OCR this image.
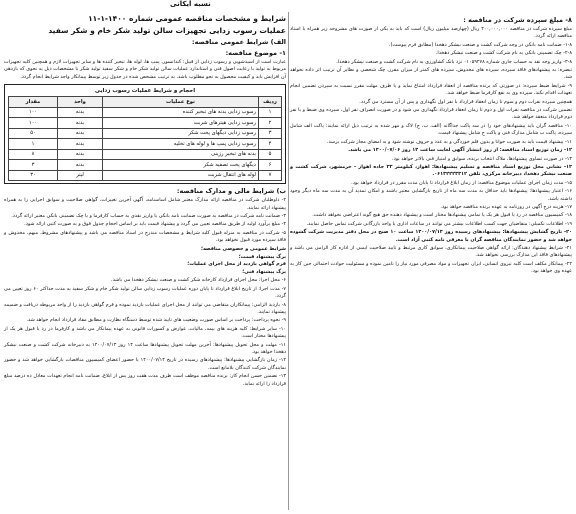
نسبه ایکانی
شرایط و مشخصات مناقصه عمومی شماره ۱۴۰۰-۱-۱۱
عملیات رسوب زدایی تجهیزات سالن تولید شکر خام و شکر سفید
الف) شرایط عمومی مناقصه:
۱- موضوع مناقصه:

عبارت است از اسیدشویی و رسوب زدایی از قبیل: کندانسور، پمپ ها، لوله ها، تبخیر کننده ها و سایر تجهیزات لازم و همچنین کلیه تجهیزات مربوط به تولید با رعایت اصول فنی و استاندارد عملیات سالن تولید شکر خام و شکر سفید تولید شکر با مشخصات ذیل به نحوی که بازدهی آن افزایش یابد و کیفیت محصول به نحو مطلوب باشد، به ترتیب مشخص شده در جدول زیر توسط پیمانکار واجد شرایط انجام گردد.

احجام و شرایط عملیات رسوب زدایی
ردیف	نوع عملیات	واحد	مقدار
۱	رسوب زدایی بدنه های تبخیر کننده	بدنه	۱۰۰
۲	رسوب زدایی هیترهای شربت	بدنه	۱۰۰
۳	رسوب زدایی دیگهای پخت شکر	بدنه	۵۰
۴	رسوب زدایی پمپ ها و لوله های تخلیه	بدنه	۱
۵	بدنه های تبخیر رزینی	بدنه	۸
۶	دیگهای پخت تصفیه شکر	بدنه	۳
۷	لوله های انتقال شربت	لیتر	۳۰
ب) شرایط مالی و مدارک مناقصه:

۲- داوطلبان شرکت در مناقصه ارائه مدارک معتبر شامل اساسنامه، آگهی آخرین تغییرات، گواهی صلاحیت و سوابق اجرایی را به همراه پیشنهاد ارائه نمایند.

۳- ضمانت نامه شرکت در مناقصه به صورت ضمانت نامه بانکی یا واریز نقدی به حساب کارفرما و یا چک تضمینی بانکی معتبر ارائه گردد.

۴- مبلغ برآورد اولیه از طریق مناقصه تعیین می گردد و پیشنهاد قیمت باید بر اساس احجام جدول فوق و به صورت کتبی ارائه شود.

۵- شرکت در مناقصه به منزله قبول کلیه شرایط و مشخصات مندرج در اسناد مناقصه می باشد و پیشنهادهای مشروط، مبهم، مخدوش و فاقد سپرده مورد قبول نخواهد بود.

شرایط عمومی و خصوصی مناقصه؛

برگ پیشنهاد قیمت؛

فرم گواهی بازدید از محل اجرای عملیات؛

برگ پیشنهاد فنی؛

۶- محل اجرا: محل اجرای قرارداد کارخانه شکر کشت و صنعت نیشکر دهخدا می باشد.

۷- مدت اجرا: از تاریخ ابلاغ قرارداد تا پایان دوره عملیات رسوب زدایی سالن تولید شکر خام و شکر سفید به مدت حداکثر ۶۰ روز تعیین می گردد.

۸- بازدید الزامی: پیمانکاران متقاضی می توانند از محل اجرای عملیات بازدید نموده و فرم گواهی بازدید را از واحد مربوطه دریافت و ضمیمه پیشنهاد نمایند.

۹- نحوه پرداخت: پرداخت بر اساس صورت وضعیت های تایید شده توسط دستگاه نظارت و مطابق مفاد قرارداد انجام خواهد شد.

۱۰- سایر شرایط: کلیه هزینه های بیمه، مالیات، عوارض و کسورات قانونی به عهده پیمانکار می باشد و کارفرما در رد یا قبول هر یک از پیشنهادها مختار است.

۱۱- مهلت و محل تحویل پیشنهادها: آخرین مهلت تحویل پیشنهادها ساعت ۱۴ روز ۱۴۰۰/۰۷/۱۳ به دبیرخانه شرکت کشت و صنعت نیشکر دهخدا خواهد بود.

۱۲- زمان بازگشایی پیشنهادها: پیشنهادهای رسیده در تاریخ ۱۴۰۰/۰۷/۱۴ با حضور اعضای کمیسیون مناقصات بازگشایی خواهد شد و حضور نمایندگان شرکت کنندگان بلامانع است.

۱۳- تضمین حسن انجام کار: برنده مناقصه موظف است ظرف مدت هفت روز پس از ابلاغ، ضمانت نامه انجام تعهدات معادل ده درصد مبلغ قرارداد را ارائه نماید.

۸- مبلغ سپرده شرکت در مناقصه :

مبلغ سپرده شرکت در مناقصه ۴۰۰,۰۰۰,۰۰۰ ریال (چهارصد میلیون ریال) است که باید به یکی از صورت های مشروحه زیر همراه با اسناد مناقصه ارائه گردد.

۱-۸- ضمانت نامه بانکی در وجه شرکت کشت و صنعت نیشکر دهخدا (مطابق فرم پیوست).

۲-۸- چک تضمینی بانکی به نام شرکت کشت و صنعت نیشکر دهخدا.

۳-۸- واریز وجه نقد به حساب جاری شماره ۰۱۰۵۹۲۷۸ نزد بانک کشاورزی به نام شرکت کشت و صنعت نیشکر دهخدا.

تبصره: به پیشنهادهای فاقد سپرده، سپرده های مخدوش، سپرده های کمتر از میزان مقرر، چک شخصی و نظایر آن ترتیب اثر داده نخواهد شد.

۹- شرایط ضبط سپرده: در صورتی که برنده مناقصه از انعقاد قرارداد امتناع نماید و یا ظرف مهلت مقرر نسبت به سپردن تضمین انجام تعهدات اقدام نکند، سپرده وی به نفع کارفرما ضبط خواهد شد.

همچنین سپرده نفرات دوم و سوم تا زمان انعقاد قرارداد با نفر اول نگهداری و پس از آن مسترد می گردد.

تضمین شرکت در مناقصه نفرات اول و دوم تا زمان انعقاد قرارداد نگهداری می شود و در صورت انصراف نفر اول، سپرده وی ضبط و با نفر دوم قرارداد منعقد خواهد شد.

۱۰- مناقصه گران باید پیشنهادهای خود را در سه پاکت جداگانه (الف، ب، ج) لاک و مهر شده به ترتیب ذیل ارائه نمایند: پاکت الف شامل سپرده، پاکت ب شامل مدارک فنی و پاکت ج شامل پیشنهاد قیمت.

۱۱- پیشنهاد قیمت باید به صورت خوانا و بدون قلم خوردگی و به عدد و حروف نوشته شود و به امضای مجاز شرکت برسد.

۱۲- زمان توزیع اسناد مناقصه: از روز انتشار آگهی لغایت ساعت ۱۴ روز ۱۴۰۰/۰۷/۰۶ می باشد.

۱۳- در صورت تساوی پیشنهادها، ملاک انتخاب برنده، سوابق و امتیاز فنی بالاتر خواهد بود.

۱۴- نشانی محل توزیع اسناد مناقصه و تسلیم پیشنهادها: اهواز، کیلومتر ۳۳ جاده اهواز - خرمشهر، شرکت کشت و صنعت نیشکر دهخدا، دبیرخانه مرکزی، تلفن ۰۶۱۳۲۲۲۳۳۱۲.

۱۵- مدت زمان اجرای عملیات موضوع مناقصه: از زمان ابلاغ قرارداد تا پایان مدت مقرر در قرارداد خواهد بود.

۱۶- اعتبار پیشنهادها: پیشنهادها باید حداقل به مدت سه ماه از تاریخ بازگشایی معتبر باشند و امکان تمدید آن به مدت سه ماه دیگر وجود داشته باشد.

۱۷- هزینه درج آگهی در روزنامه به عهده برنده مناقصه خواهد بود.

۱۸- کمیسیون مناقصه در رد یا قبول هر یک یا تمامی پیشنهادها مختار است و پیشنهاد دهنده حق هیچ گونه اعتراضی نخواهد داشت.

۱۹- اطلاعات تکمیلی: متقاضیان جهت کسب اطلاعات بیشتر می توانند در ساعات اداری با واحد بازرگانی شرکت تماس حاصل نمایند.

۲۰- تاریخ گشایش پیشنهادها: پیشنهادهای رسیده روز ۱۴۰۰/۰۷/۱۴ ساعت ۱۰ صبح در محل دفتر مدیریت شرکت گشوده خواهد شد و حضور نمایندگان مناقصه گران با معرفی نامه کتبی آزاد است.

۲۱- شرایط پیشنهاد دهندگان: ارائه گواهی صلاحیت پیمانکاری، سوابق کاری مرتبط و تایید صلاحیت ایمنی از اداره کار الزامی می باشد و پیشنهادهای فاقد این مدارک بررسی نخواهد شد.

۲۲- پیمانکار مکلف است کلیه نیروی انسانی، ابزار، تجهیزات و مواد مصرفی مورد نیاز را تامین نموده و مسئولیت حوادث احتمالی حین کار به عهده وی خواهد بود.
